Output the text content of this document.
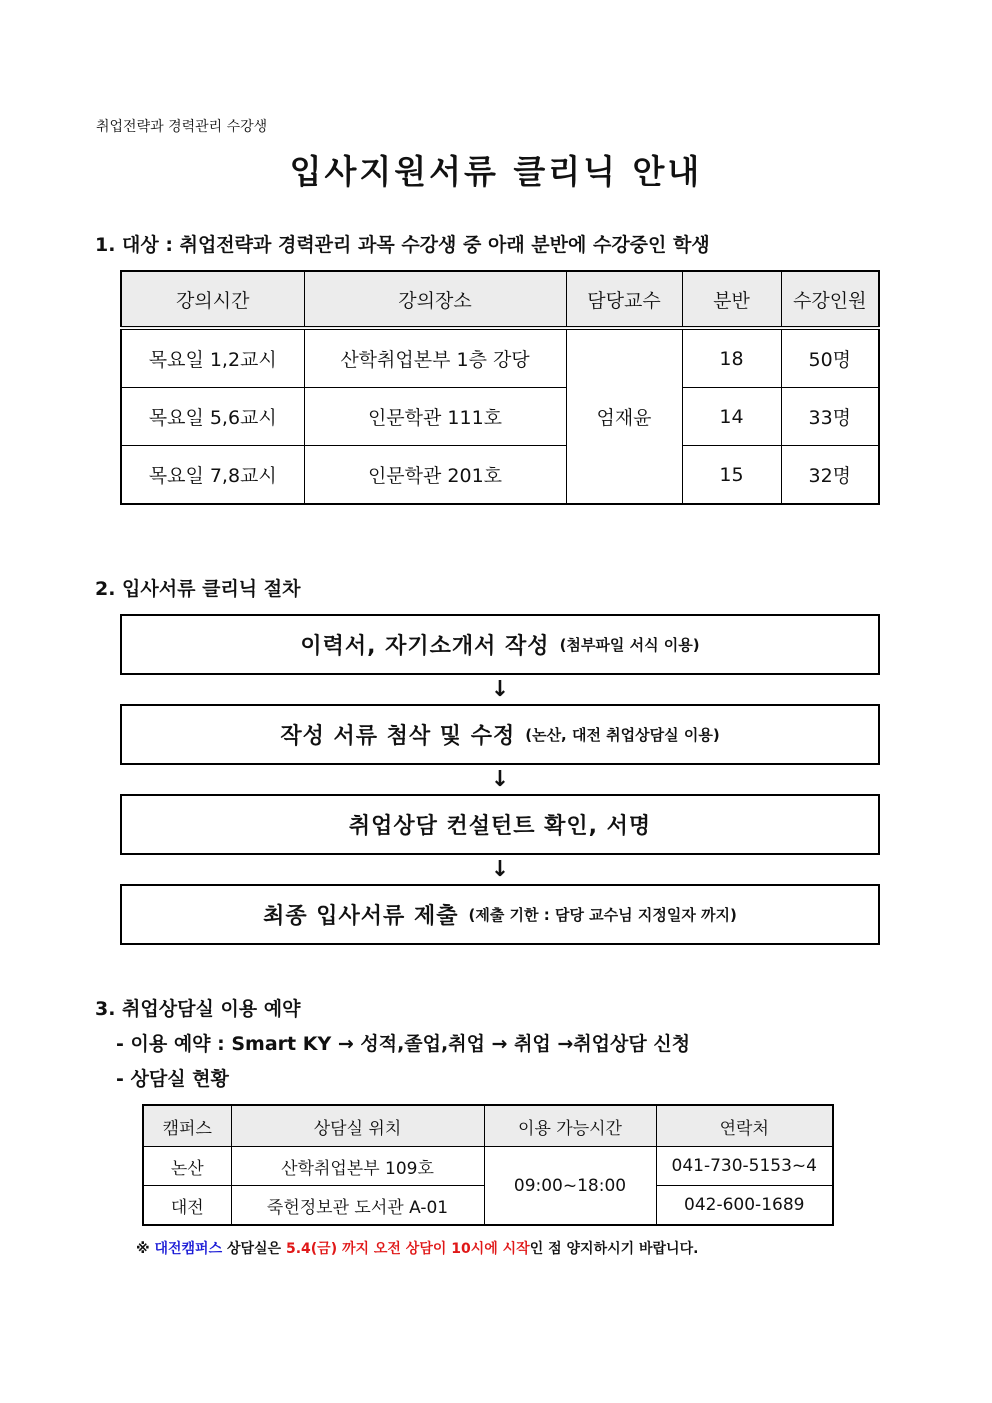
취업전략과 경력관리 수강생
입사지원서류 클리닉 안내
1. 대상 : 취업전략과 경력관리 과목 수강생 중 아래 분반에 수강중인 학생
강의시간	강의장소	담당교수	분반	수강인원
목요일 1,2교시	산학취업본부 1층 강당	엄재윤	18	50명
목요일 5,6교시	인문학관 111호		14	33명
목요일 7,8교시	인문학관 201호		15	32명
2. 입사서류 클리닉 절차
이력서, 자기소개서 작성 (첨부파일 서식 이용)
↓
작성 서류 첨삭 및 수정 (논산, 대전 취업상담실 이용)
↓
취업상담 컨설턴트 확인, 서명
↓
최종 입사서류 제출 (제출 기한 : 담당 교수님 지정일자 까지)
3. 취업상담실 이용 예약
- 이용 예약 : Smart KY → 성적,졸업,취업 → 취업 →취업상담 신청
- 상담실 현황
캠퍼스	상담실 위치	이용 가능시간	연락처
논산	산학취업본부 109호	09:00~18:00	041-730-5153~4
대전	죽헌정보관 도서관 A-01		042-600-1689
※ 대전캠퍼스 상담실은 5.4(금) 까지 오전 상담이 10시에 시작인 점 양지하시기 바랍니다.
